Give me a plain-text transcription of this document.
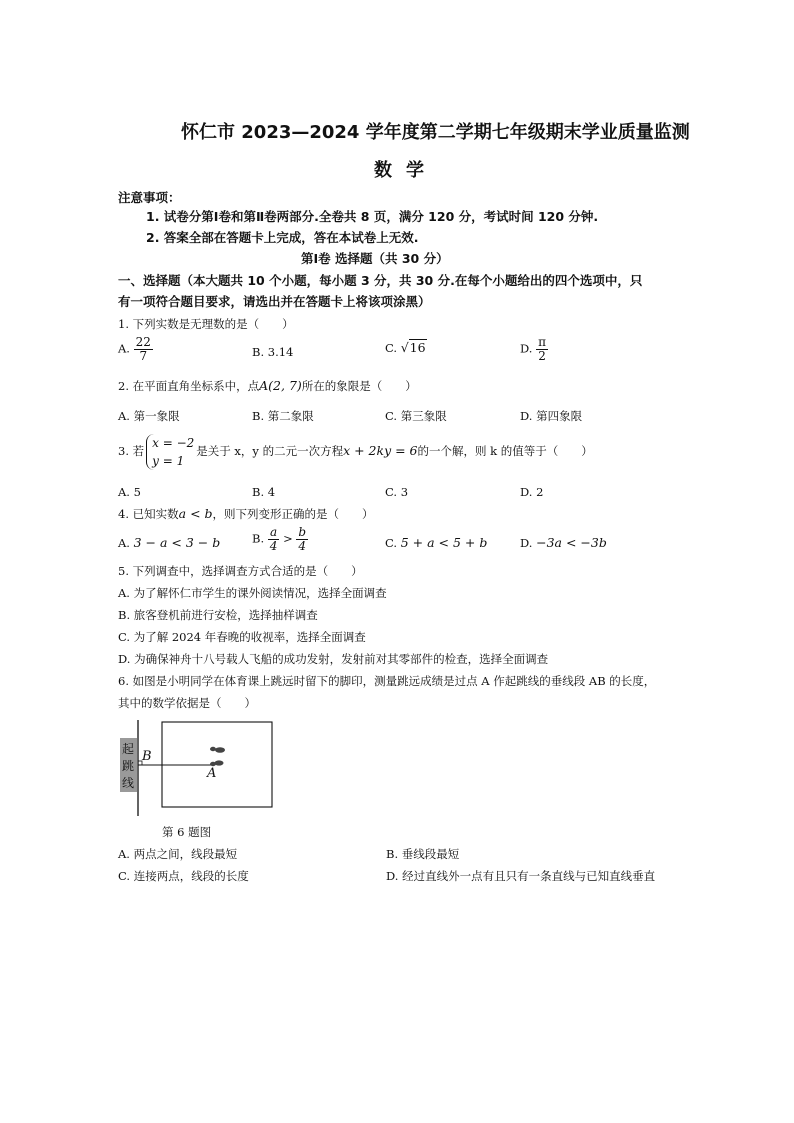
怀仁市 2023—2024 学年度第二学期七年级期末学业质量监测
数学
注意事项：
1. 试卷分第Ⅰ卷和第Ⅱ卷两部分.全卷共 8 页，满分 120 分，考试时间 120 分钟.
2. 答案全部在答题卡上完成，答在本试卷上无效.
第Ⅰ卷 选择题（共 30 分）
一、选择题（本大题共 10 个小题，每小题 3 分，共 30 分.在每个小题给出的四个选项中，只
有一项符合题目要求，请选出并在答题卡上将该项涂黑）
1. 下列实数是无理数的是（　　）
A. $\frac{22}{7}$	B. 3.14	C. √16	D. $\frac{\pi}{2}$
2. 在平面直角坐标系中，点A(2, 7)所在的象限是（　　）
A. 第一象限	B. 第二象限	C. 第三象限	D. 第四象限
3. 若
x = −2
y = 1
是关于 x，y 的二元一次方程x + 2ky = 6的一个解，则 k 的值等于（　　）
A. 5	B. 4	C. 3	D. 2
4. 已知实数a < b，则下列变形正确的是（　　）
A. 3 − a < 3 − b	B. $\frac{a}{4} > \frac{b}{4}$	C. 5 + a < 5 + b	D. −3a < −3b
5. 下列调查中，选择调查方式合适的是（　　）
A. 为了解怀仁市学生的课外阅读情况，选择全面调查
B. 旅客登机前进行安检，选择抽样调查
C. 为了解 2024 年春晚的收视率，选择全面调查
D. 为确保神舟十八号载人飞船的成功发射，发射前对其零部件的检查，选择全面调查
6. 如图是小明同学在体育课上跳远时留下的脚印，测量跳远成绩是过点 A 作起跳线的垂线段 AB 的长度，
其中的数学依据是（　　）
起
跳
线
B
A
第 6 题图
A. 两点之间，线段最短	B. 垂线段最短
C. 连接两点，线段的长度	D. 经过直线外一点有且只有一条直线与已知直线垂直
